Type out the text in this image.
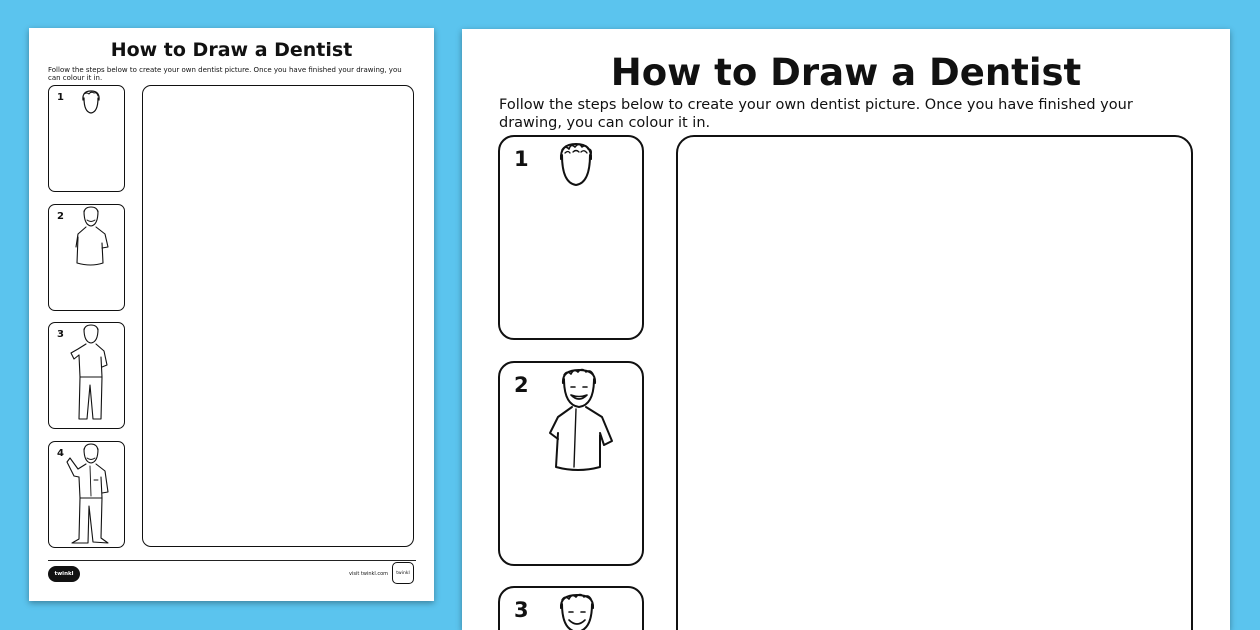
How to Draw a Dentist
Follow the steps below to create your own dentist picture. Once you have finished your drawing, you can colour it in.
1
2
3
4
twinkl	visit twinkl.com	twinkl
How to Draw a Dentist
Follow the steps below to create your own dentist picture. Once you have finished your drawing, you can colour it in.
1
2
3
